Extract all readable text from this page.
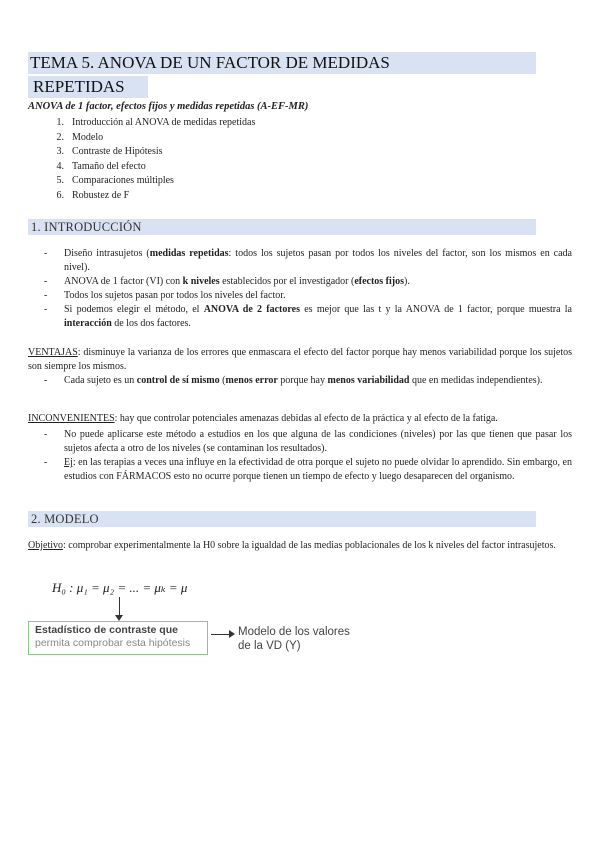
TEMA 5. ANOVA DE UN FACTOR DE MEDIDAS
REPETIDAS
ANOVA de 1 factor, efectos fijos y medidas repetidas (A-EF-MR)
1. Introducción al ANOVA de medidas repetidas
2. Modelo
3. Contraste de Hipótesis
4. Tamaño del efecto
5. Comparaciones múltiples
6. Robustez de F
1. INTRODUCCIÓN
- Diseño intrasujetos (medidas repetidas: todos los sujetos pasan por todos los niveles del factor, son los mismos en cada nivel).
- ANOVA de 1 factor (VI) con k niveles establecidos por el investigador (efectos fijos).
- Todos los sujetos pasan por todos los niveles del factor.
- Si podemos elegir el método, el ANOVA de 2 factores es mejor que las t y la ANOVA de 1 factor, porque muestra la interacción de los dos factores.

VENTAJAS: disminuye la varianza de los errores que enmascara el efecto del factor porque hay menos variabilidad porque los sujetos son siempre los mismos.

- Cada sujeto es un control de sí mismo (menos error porque hay menos variabilidad que en medidas independientes).

INCONVENIENTES: hay que controlar potenciales amenazas debidas al efecto de la práctica y al efecto de la fatiga.

- No puede aplicarse este método a estudios en los que alguna de las condiciones (niveles) por las que tienen que pasar los sujetos afecta a otro de los niveles (se contaminan los resultados).
- Ej: en las terapias a veces una influye en la efectividad de otra porque el sujeto no puede olvidar lo aprendido. Sin embargo, en estudios con FÁRMACOS esto no ocurre porque tienen un tiempo de efecto y luego desaparecen del organismo.
2. MODELO

Objetivo: comprobar experimentalmente la H0 sobre la igualdad de las medias poblacionales de los k niveles del factor intrasujetos.

H₀ : μ₁ = μ₂ = ... = μₖ = μ
Estadístico de contraste que
permita comprobar esta hipótesis
Modelo de los valores
de la VD (Y)
